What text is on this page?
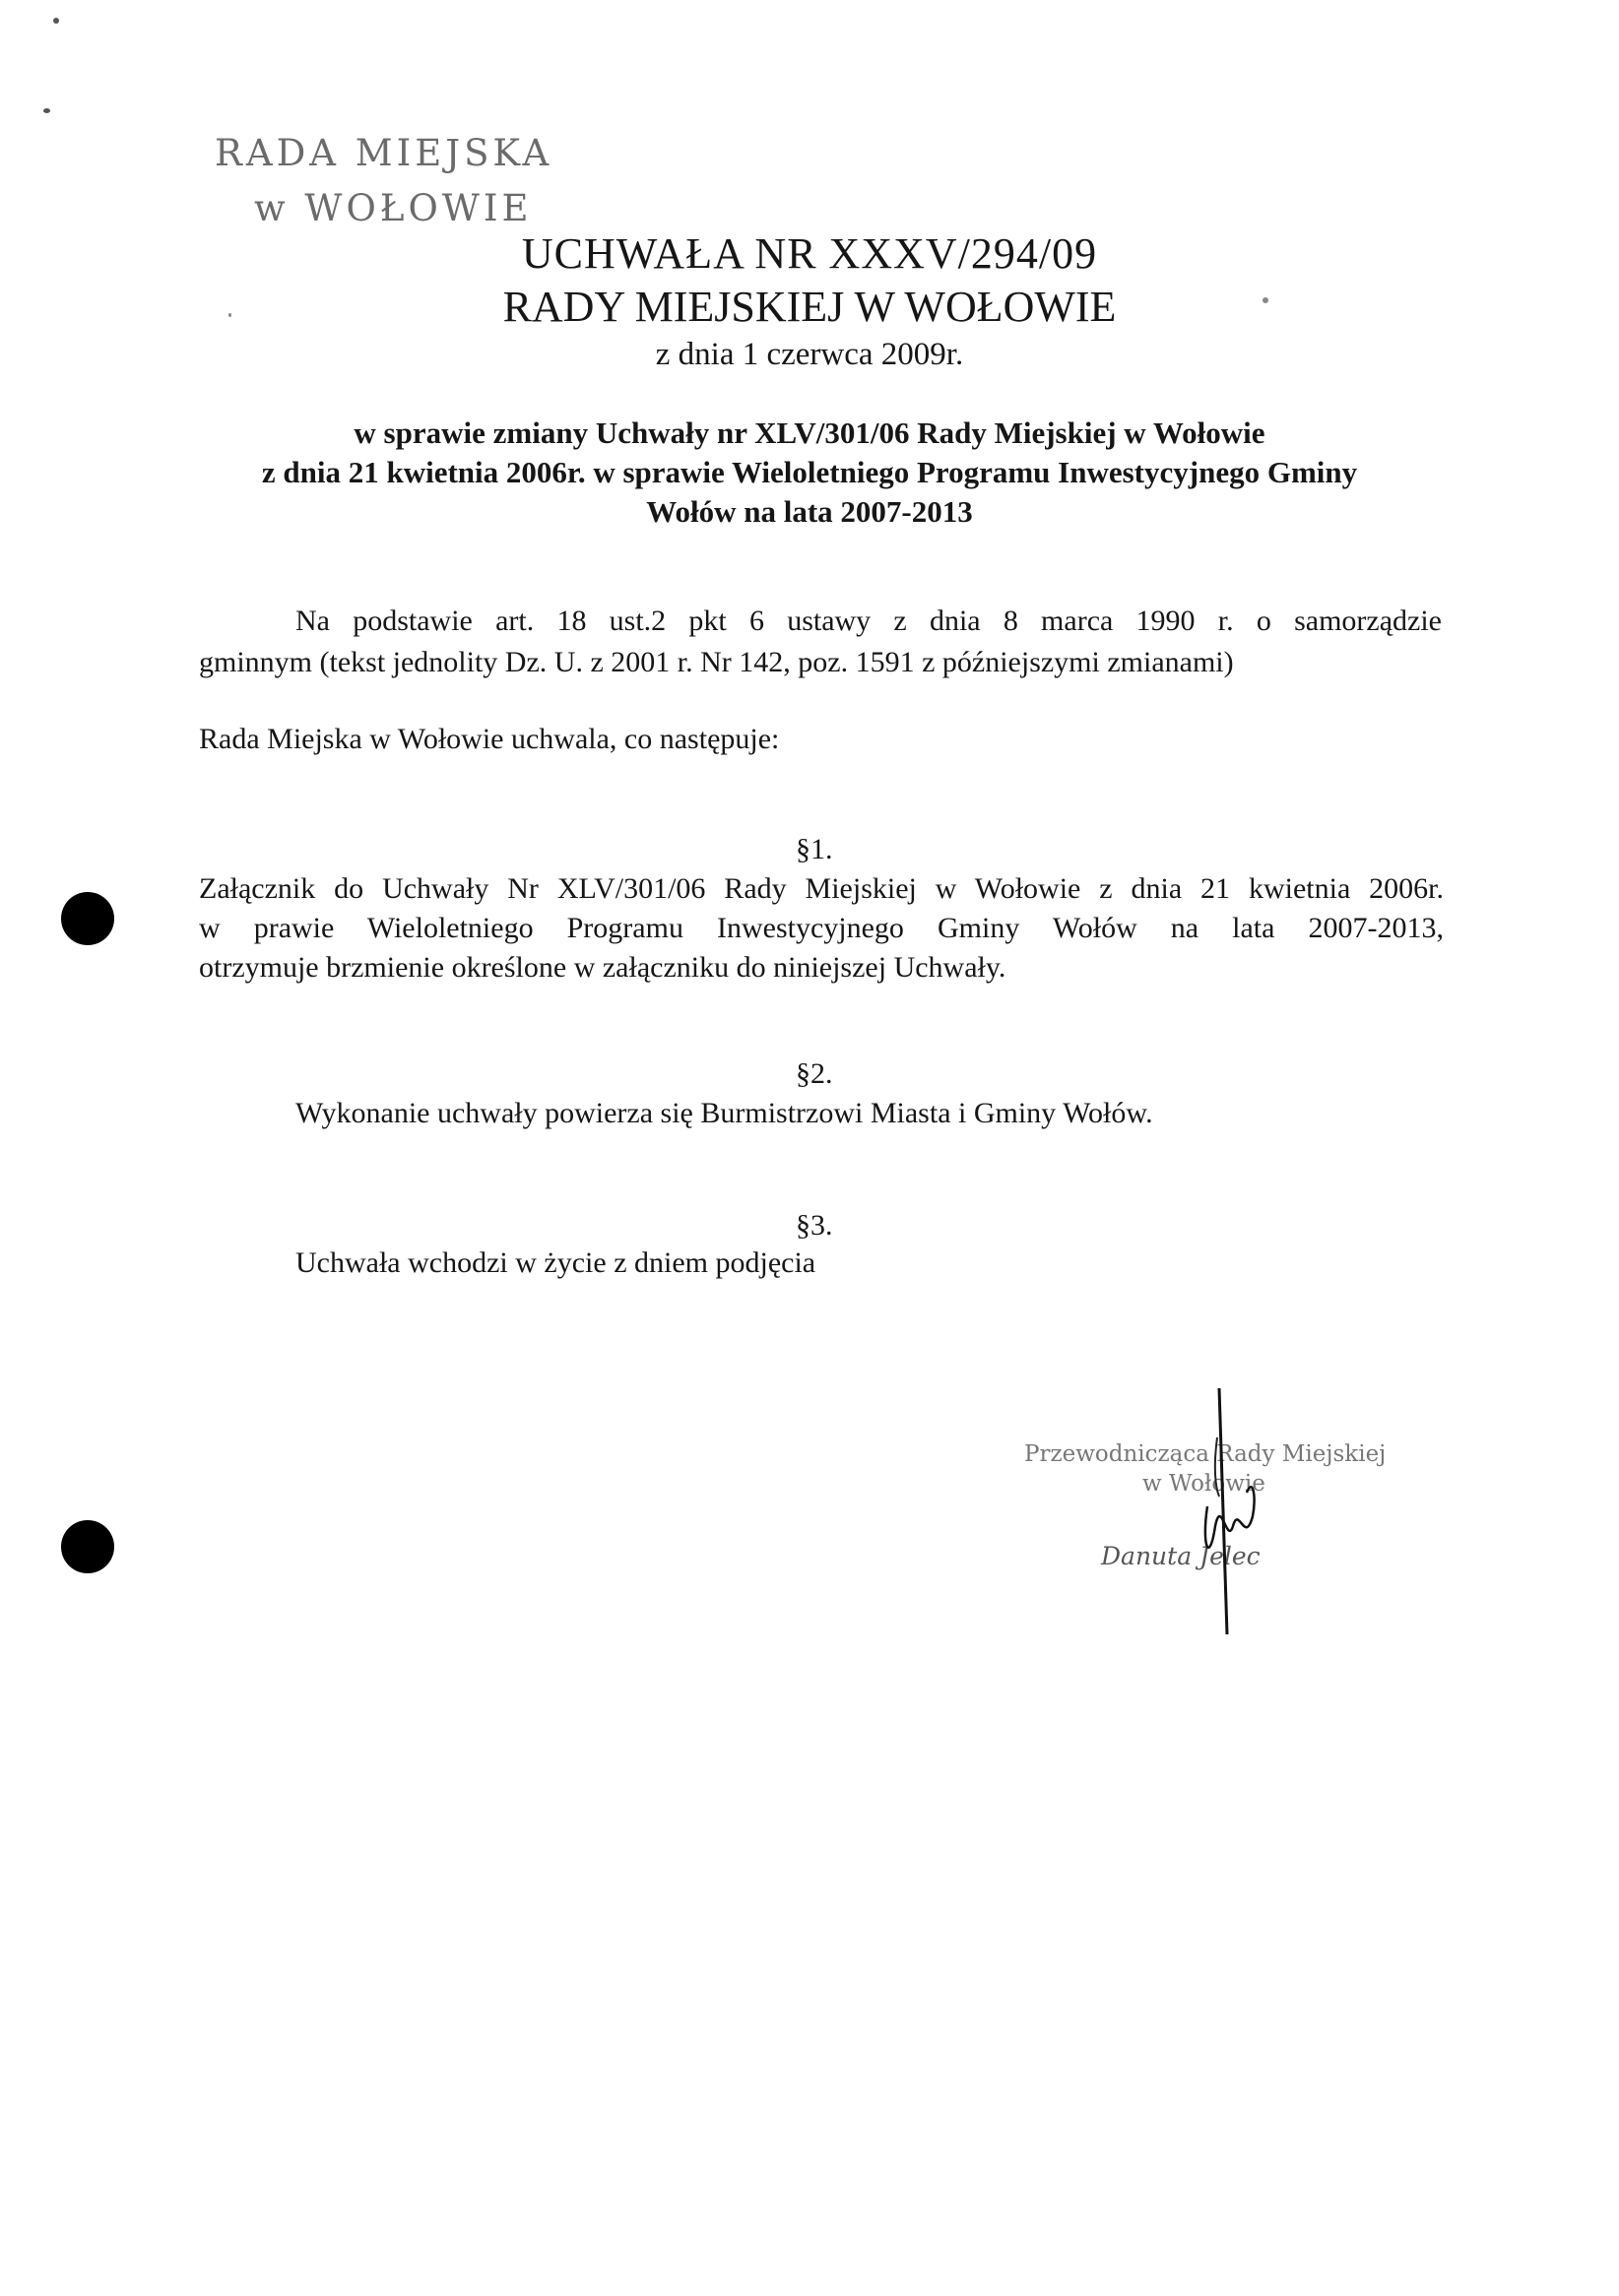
RADA MIEJSKA
w WOŁOWIE
UCHWAŁA NR XXXV/294/09
RADY MIEJSKIEJ W WOŁOWIE
z dnia 1 czerwca 2009r.
w sprawie zmiany Uchwały nr XLV/301/06 Rady Miejskiej w Wołowie
z dnia 21 kwietnia 2006r. w sprawie Wieloletniego Programu Inwestycyjnego Gminy
Wołów na lata 2007-2013
Na podstawie art. 18 ust.2 pkt 6 ustawy z dnia 8 marca 1990 r. o samorządzie
gminnym (tekst jednolity Dz. U. z 2001 r. Nr 142, poz. 1591 z późniejszymi zmianami)
Rada Miejska w Wołowie uchwala, co następuje:
§1.
Załącznik do Uchwały Nr XLV/301/06 Rady Miejskiej w Wołowie z dnia 21 kwietnia 2006r.
w prawie Wieloletniego Programu Inwestycyjnego Gminy Wołów na lata 2007-2013,
otrzymuje brzmienie określone w załączniku do niniejszej Uchwały.
§2.
Wykonanie uchwały powierza się Burmistrzowi Miasta i Gminy Wołów.
§3.
Uchwała wchodzi w życie z dniem podjęcia
Przewodnicząca Rady Miejskiej
w Wołowie
Danuta Jelec
